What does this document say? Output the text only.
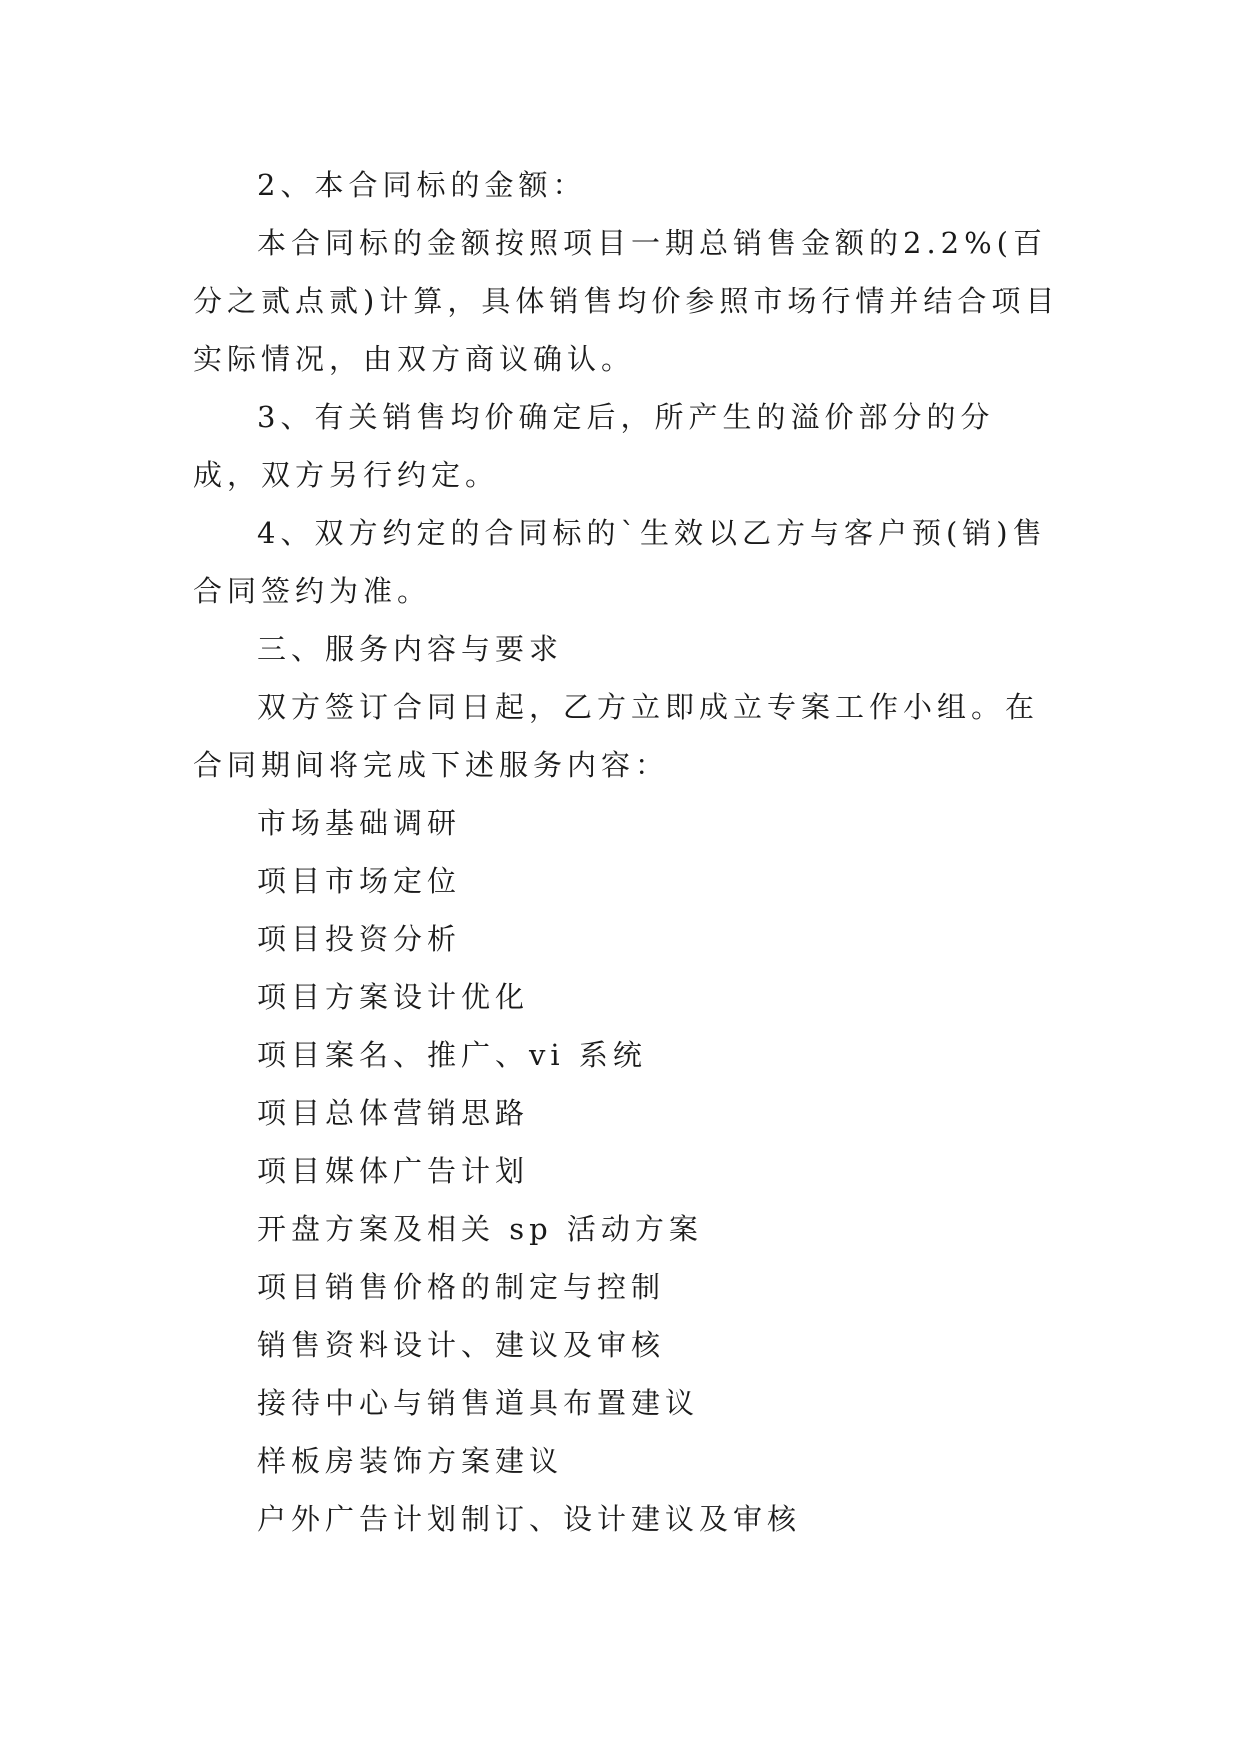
2、本合同标的金额：

本合同标的金额按照项目一期总销售金额的2.2%(百分之贰点贰)计算，具体销售均价参照市场行情并结合项目实际情况，由双方商议确认。

3、有关销售均价确定后，所产生的溢价部分的分成，双方另行约定。

4、双方约定的合同标的`生效以乙方与客户预(销)售合同签约为准。

三、服务内容与要求

双方签订合同日起，乙方立即成立专案工作小组。在合同期间将完成下述服务内容：

市场基础调研

项目市场定位

项目投资分析

项目方案设计优化

项目案名、推广、vi 系统

项目总体营销思路

项目媒体广告计划

开盘方案及相关 sp 活动方案

项目销售价格的制定与控制

销售资料设计、建议及审核

接待中心与销售道具布置建议

样板房装饰方案建议

户外广告计划制订、设计建议及审核
